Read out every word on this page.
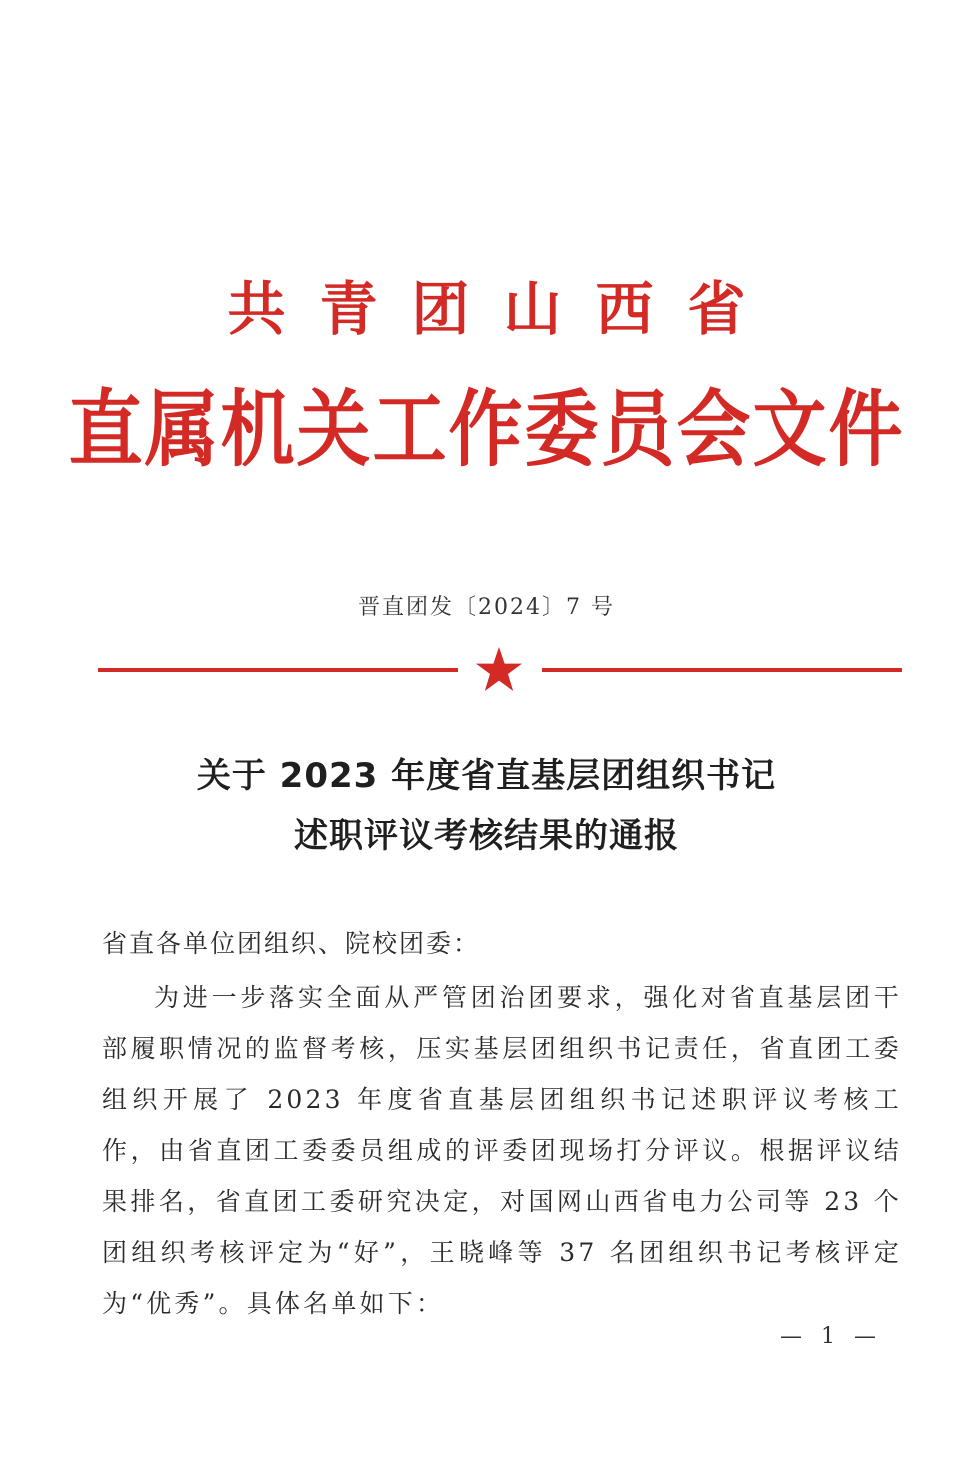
共青团山西省
直属机关工作委员会文件
晋直团发〔2024〕7 号
关于 2023 年度省直基层团组织书记
述职评议考核结果的通报
省直各单位团组织、院校团委：
为进一步落实全面从严管团治团要求，强化对省直基层团干部履职情况的监督考核，压实基层团组织书记责任，省直团工委组织开展了 2023 年度省直基层团组织书记述职评议考核工作，由省直团工委委员组成的评委团现场打分评议。根据评议结果排名，省直团工委研究决定，对国网山西省电力公司等 23 个团组织考核评定为“好”，王晓峰等 37 名团组织书记考核评定为“优秀”。具体名单如下：
— 1 —
